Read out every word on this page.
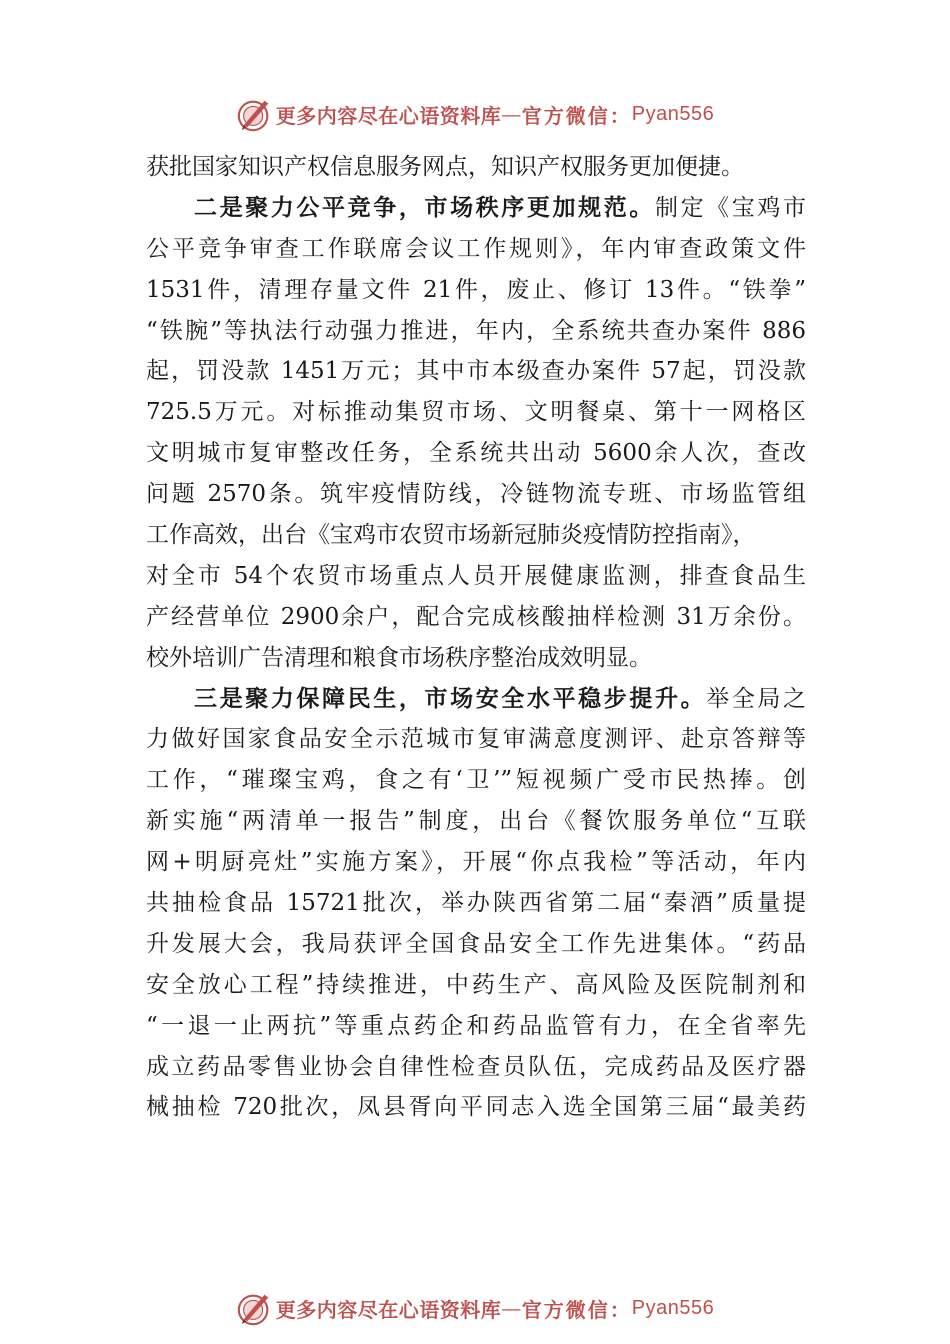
更多内容尽在心语资料库 — 官方微信： Pyan556
获批国家知识产权信息服务网点，知识产权服务更加便捷。
二是聚力公平竞争，市场秩序更加规范。制定《宝鸡市
公平竞争审查工作联席会议工作规则》，年内审查政策文件
1531件，清理存量文件 21件，废止、修订 13件。“铁拳”
“铁腕”等执法行动强力推进，年内，全系统共查办案件 886
起，罚没款 1451万元；其中市本级查办案件 57起，罚没款
725.5万元。对标推动集贸市场、文明餐桌、第十一网格区
文明城市复审整改任务，全系统共出动 5600余人次，查改
问题 2570条。筑牢疫情防线，冷链物流专班、市场监管组
工作高效，出台《宝鸡市农贸市场新冠肺炎疫情防控指南》，
对全市 54个农贸市场重点人员开展健康监测，排查食品生
产经营单位 2900余户，配合完成核酸抽样检测 31万余份。
校外培训广告清理和粮食市场秩序整治成效明显。
三是聚力保障民生，市场安全水平稳步提升。举全局之
力做好国家食品安全示范城市复审满意度测评、赴京答辩等
工作，“璀璨宝鸡，食之有‘卫’”短视频广受市民热捧。创
新实施“两清单一报告”制度，出台《餐饮服务单位“互联
网+明厨亮灶”实施方案》，开展“你点我检”等活动，年内
共抽检食品 15721批次，举办陕西省第二届“秦酒”质量提
升发展大会，我局获评全国食品安全工作先进集体。“药品
安全放心工程”持续推进，中药生产、高风险及医院制剂和
“一退一止两抗”等重点药企和药品监管有力，在全省率先
成立药品零售业协会自律性检查员队伍，完成药品及医疗器
械抽检 720批次，凤县胥向平同志入选全国第三届“最美药
更多内容尽在心语资料库 — 官方微信： Pyan556
